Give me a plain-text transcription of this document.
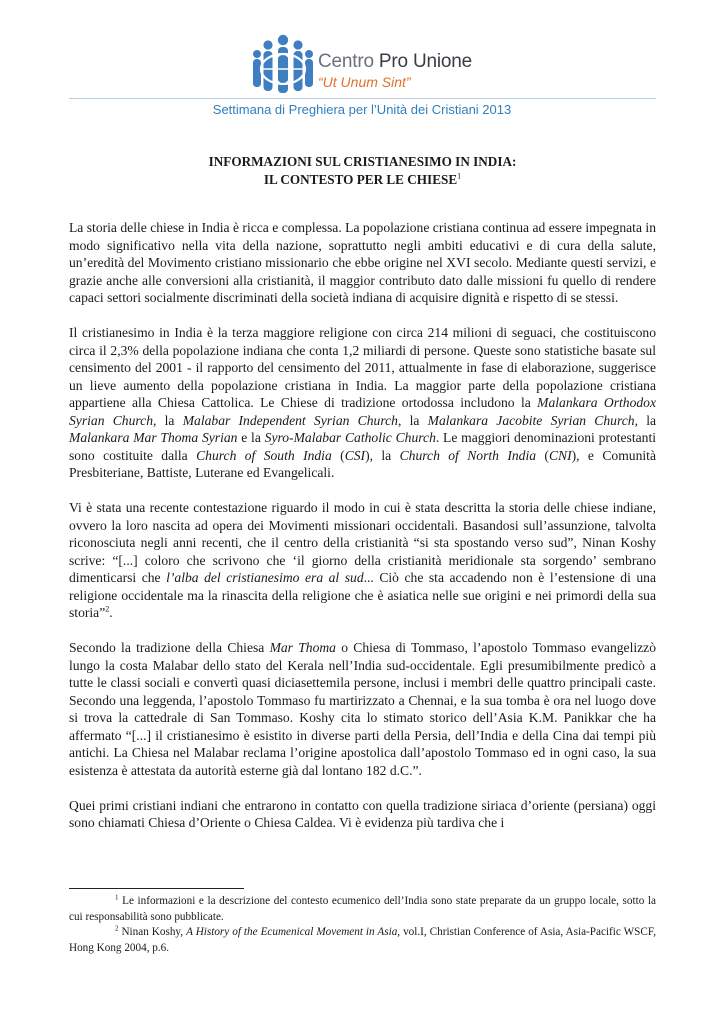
Centro Pro Unione
“Ut Unum Sint”
Settimana di Preghiera per l’Unità dei Cristiani 2013
INFORMAZIONI SUL CRISTIANESIMO IN INDIA:
IL CONTESTO PER LE CHIESE$^1$

La storia delle chiese in India è ricca e complessa. La popolazione cristiana continua ad essere impegnata in modo significativo nella vita della nazione, soprattutto negli ambiti educativi e di cura della salute, un’eredità del Movimento cristiano missionario che ebbe origine nel XVI secolo. Mediante questi servizi, e grazie anche alle conversioni alla cristianità, il maggior contributo dato dalle missioni fu quello di rendere capaci settori socialmente discriminati della società indiana di acquisire dignità e rispetto di se stessi.

Il cristianesimo in India è la terza maggiore religione con circa 214 milioni di seguaci, che costituiscono circa il 2,3% della popolazione indiana che conta 1,2 miliardi di persone. Queste sono statistiche basate sul censimento del 2001 - il rapporto del censimento del 2011, attualmente in fase di elaborazione, suggerisce un lieve aumento della popolazione cristiana in India. La maggior parte della popolazione cristiana appartiene alla Chiesa Cattolica. Le Chiese di tradizione ortodossa includono la Malankara Orthodox Syrian Church, la Malabar Independent Syrian Church, la Malankara Jacobite Syrian Church, la Malankara Mar Thoma Syrian e la Syro-Malabar Catholic Church. Le maggiori denominazioni protestanti sono costituite dalla Church of South India (CSI), la Church of North India (CNI), e Comunità Presbiteriane, Battiste, Luterane ed Evangelicali.

Vi è stata una recente contestazione riguardo il modo in cui è stata descritta la storia delle chiese indiane, ovvero la loro nascita ad opera dei Movimenti missionari occidentali. Basandosi sull’assunzione, talvolta riconosciuta negli anni recenti, che il centro della cristianità “si sta spostando verso sud”, Ninan Koshy scrive: “[...] coloro che scrivono che ‘il giorno della cristianità meridionale sta sorgendo’ sembrano dimenticarsi che l’alba del cristianesimo era al sud... Ciò che sta accadendo non è l’estensione di una religione occidentale ma la rinascita della religione che è asiatica nelle sue origini e nei primordi della sua storia”$^2$.

Secondo la tradizione della Chiesa Mar Thoma o Chiesa di Tommaso, l’apostolo Tommaso evangelizzò lungo la costa Malabar dello stato del Kerala nell’India sud-occidentale. Egli presumibilmente predicò a tutte le classi sociali e convertì quasi diciasettemila persone, inclusi i membri delle quattro principali caste. Secondo una leggenda, l’apostolo Tommaso fu martirizzato a Chennai, e la sua tomba è ora nel luogo dove si trova la cattedrale di San Tommaso. Koshy cita lo stimato storico dell’Asia K.M. Panikkar che ha affermato “[...] il cristianesimo è esistito in diverse parti della Persia, dell’India e della Cina dai tempi più antichi. La Chiesa nel Malabar reclama l’origine apostolica dall’apostolo Tommaso ed in ogni caso, la sua esistenza è attestata da autorità esterne già dal lontano 182 d.C.”.

Quei primi cristiani indiani che entrarono in contatto con quella tradizione siriaca d’oriente (persiana) oggi sono chiamati Chiesa d’Oriente o Chiesa Caldea. Vi è evidenza più tardiva che i

$^1$ Le informazioni e la descrizione del contesto ecumenico dell’India sono state preparate da un gruppo locale, sotto la cui responsabilità sono pubblicate.

$^2$ Ninan Koshy, A History of the Ecumenical Movement in Asia, vol.I, Christian Conference of Asia, Asia-Pacific WSCF, Hong Kong 2004, p.6.
